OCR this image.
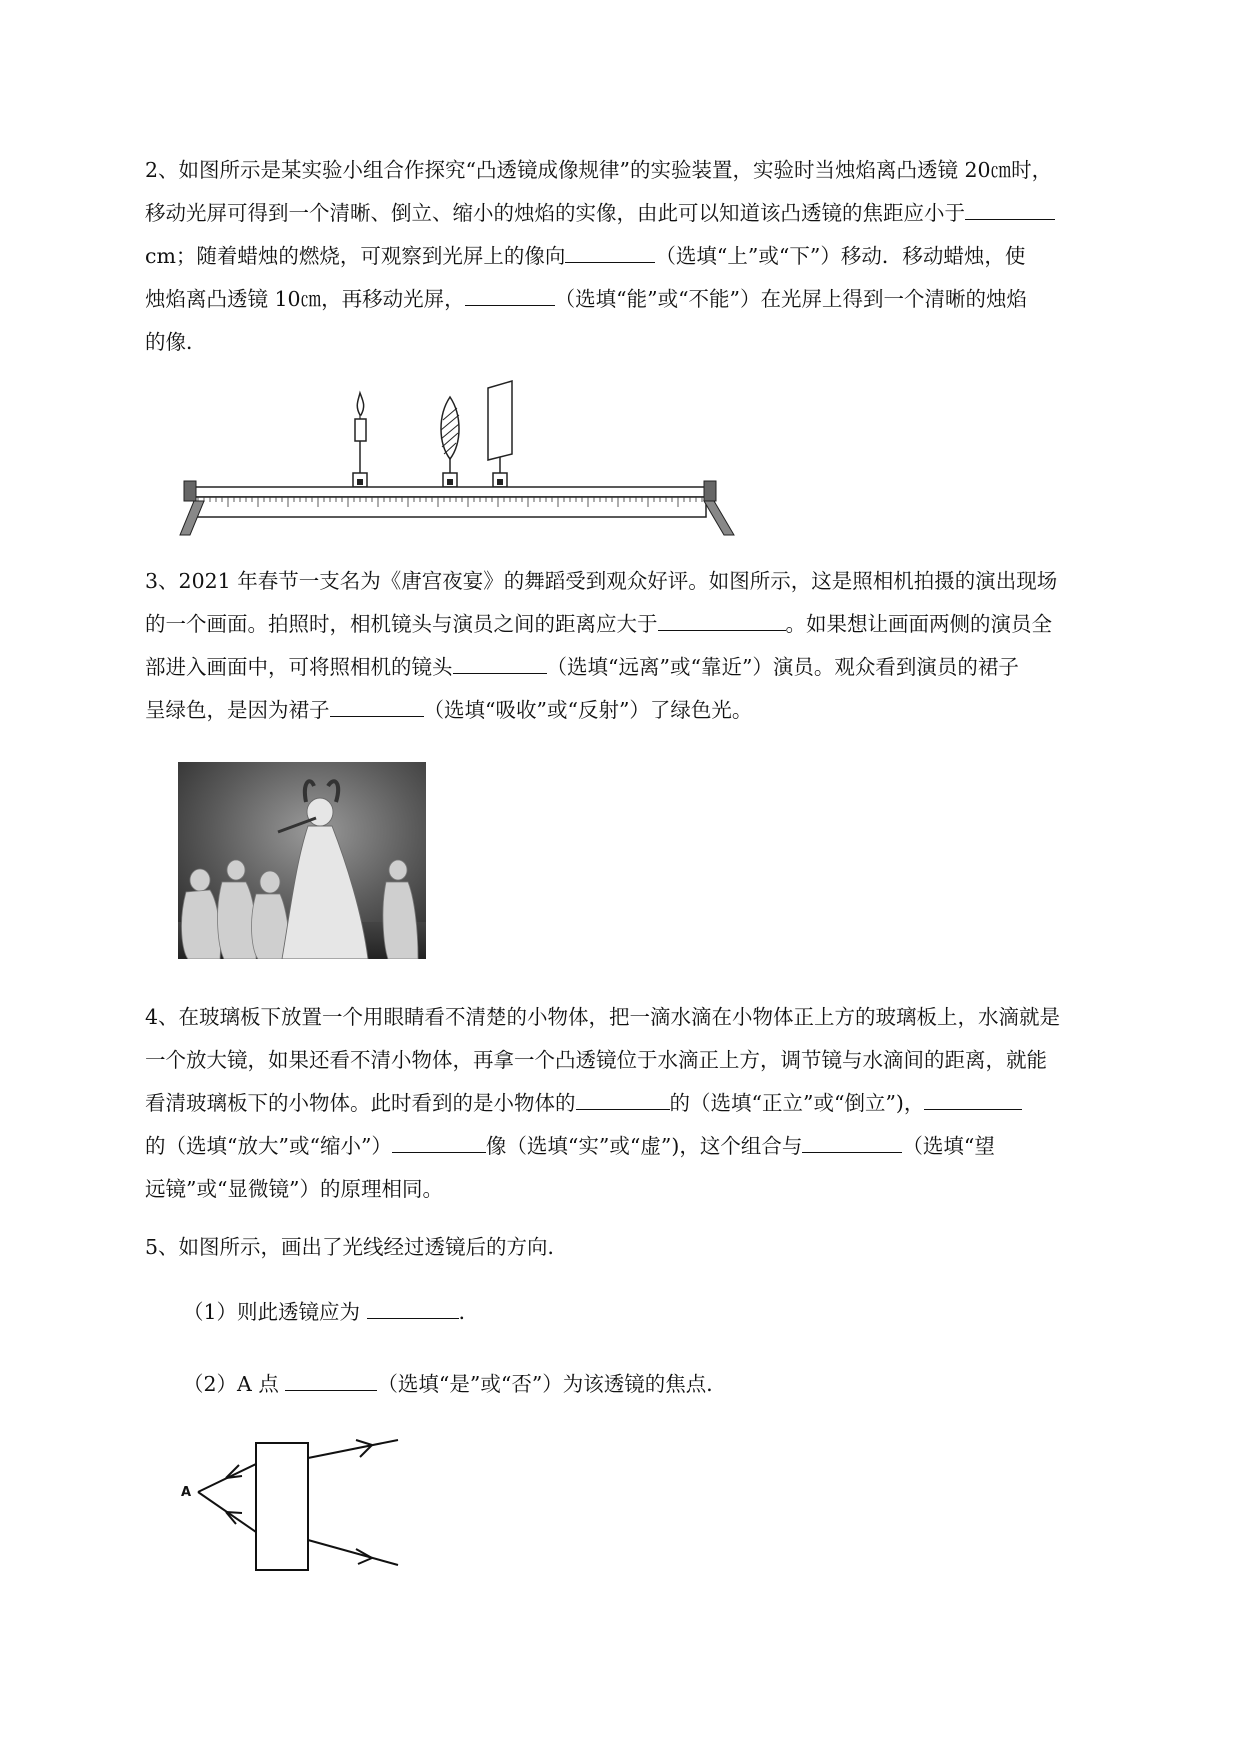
2、如图所示是某实验小组合作探究“凸透镜成像规律”的实验装置，实验时当烛焰离凸透镜 20㎝时，

移动光屏可得到一个清晰、倒立、缩小的烛焰的实像，由此可以知道该凸透镜的焦距应小于

cm；随着蜡烛的燃烧，可观察到光屏上的像向	（选填“上”或“下”）移动．移动蜡烛，使

烛焰离凸透镜 10㎝，再移动光屏，	（选填“能”或“不能”）在光屏上得到一个清晰的烛焰

的像．

3、2021 年春节一支名为《唐宫夜宴》的舞蹈受到观众好评。如图所示，这是照相机拍摄的演出现场

的一个画面。拍照时，相机镜头与演员之间的距离应大于	。如果想让画面两侧的演员全

部进入画面中，可将照相机的镜头	（选填“远离”或“靠近”）演员。观众看到演员的裙子

呈绿色，是因为裙子	（选填“吸收”或“反射”）了绿色光。

4、在玻璃板下放置一个用眼睛看不清楚的小物体，把一滴水滴在小物体正上方的玻璃板上，水滴就是

一个放大镜，如果还看不清小物体，再拿一个凸透镜位于水滴正上方，调节镜与水滴间的距离，就能

看清玻璃板下的小物体。此时看到的是小物体的	的（选填“正立”或“倒立”)，

的（选填“放大”或“缩小”）	像（选填“实”或“虚”)，这个组合与	（选填“望

远镜”或“显微镜”）的原理相同。

5、如图所示，画出了光线经过透镜后的方向．

（1）则此透镜应为	．

（2）A 点	（选填“是”或“否”）为该透镜的焦点．

A
